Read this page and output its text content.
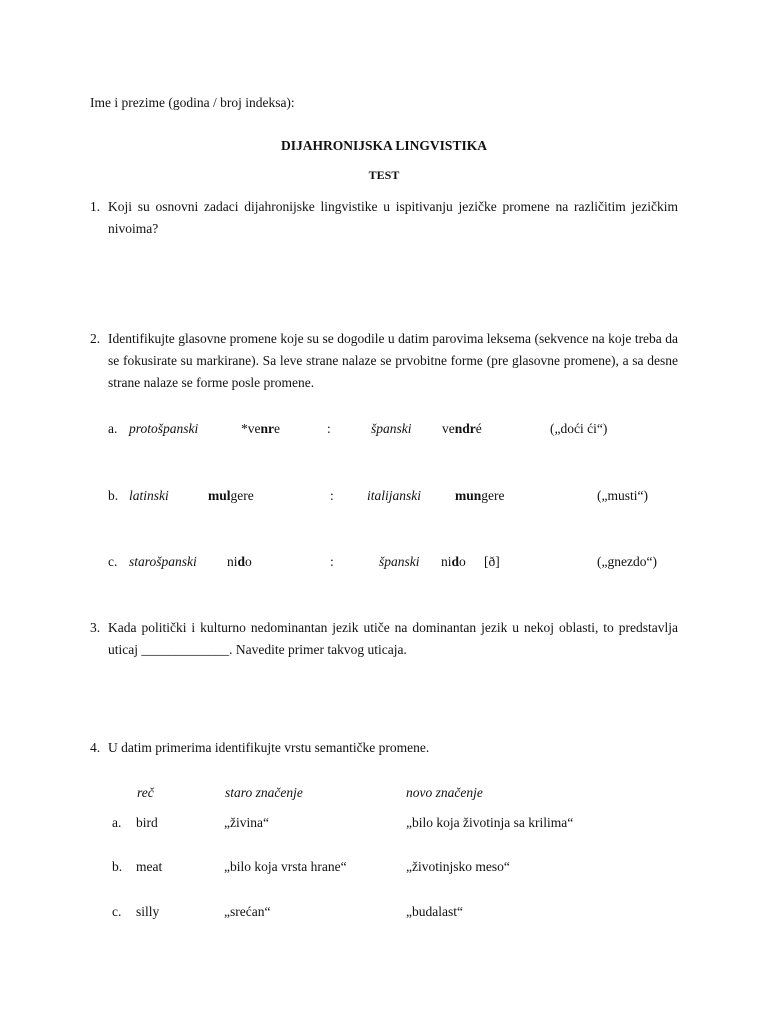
Ime i prezime (godina / broj indeksa):
DIJAHRONIJSKA LINGVISTIKA
TEST
1. Koji su osnovni zadaci dijahronijske lingvistike u ispitivanju jezičke promene na različitim jezičkim nivoima?
2. Identifikujte glasovne promene koje su se dogodile u datim parovima leksema (sekvence na koje treba da se fokusirate su markirane). Sa leve strane nalaze se prvobitne forme (pre glasovne promene), a sa desne strane nalaze se forme posle promene.
a. protošpanski	*venre	:	španski vendré	(„doći ći“)
b. latinski	mulgere	: italijanski	mungere	(„musti“)
c. starošpanski nido	:	španski nido [ð]	(„gnezdo“)
3. Kada politički i kulturno nedominantan jezik utiče na dominantan jezik u nekoj oblasti, to predstavlja uticaj _____________. Navedite primer takvog uticaja.
4. U datim primerima identifikujte vrstu semantičke promene.
reč	staro značenje	novo značenje
a. bird	„živina“	„bilo koja životinja sa krilima“
b. meat	„bilo koja vrsta hrane“	„životinjsko meso“
c. silly	„srećan“	„budalast“
